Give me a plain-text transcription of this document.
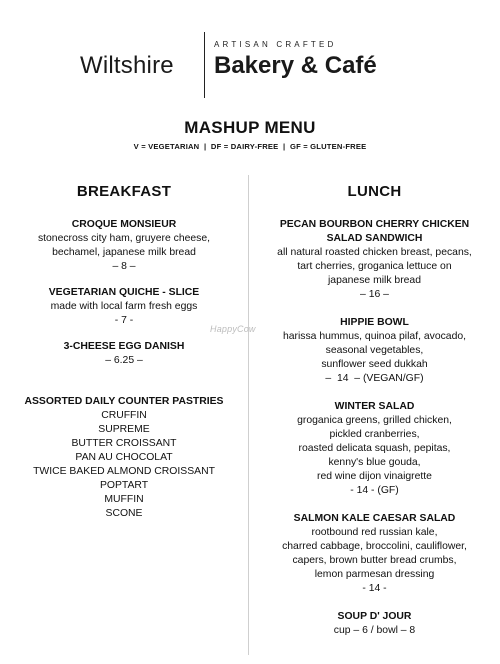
Wiltshire
ARTISAN CRAFTED
Bakery & Café
MASHUP MENU
V = VEGETARIAN  |  DF = DAIRY-FREE  |  GF = GLUTEN-FREE
BREAKFAST
CROQUE MONSIEUR
stonecross city ham, gruyere cheese,
bechamel, japanese milk bread
– 8 –
VEGETARIAN QUICHE - SLICE
made with local farm fresh eggs
- 7 -
3-CHEESE EGG DANISH
– 6.25 –
ASSORTED DAILY COUNTER PASTRIES
CRUFFIN
SUPREME
BUTTER CROISSANT
PAN AU CHOCOLAT
TWICE BAKED ALMOND CROISSANT
POPTART
MUFFIN
SCONE
LUNCH
PECAN BOURBON CHERRY CHICKEN
SALAD SANDWICH
all natural roasted chicken breast, pecans,
tart cherries, groganica lettuce on
japanese milk bread
– 16 –
HIPPIE BOWL
harissa hummus, quinoa pilaf, avocado,
seasonal vegetables,
sunflower seed dukkah
–  14  – (VEGAN/GF)
WINTER SALAD
groganica greens, grilled chicken,
pickled cranberries,
roasted delicata squash, pepitas,
kenny's blue gouda,
red wine dijon vinaigrette
- 14 - (GF)
SALMON KALE CAESAR SALAD
rootbound red russian kale,
charred cabbage, broccolini, cauliflower,
capers, brown butter bread crumbs,
lemon parmesan dressing
- 14 -
SOUP D' JOUR
cup – 6 / bowl – 8
HappyCow
